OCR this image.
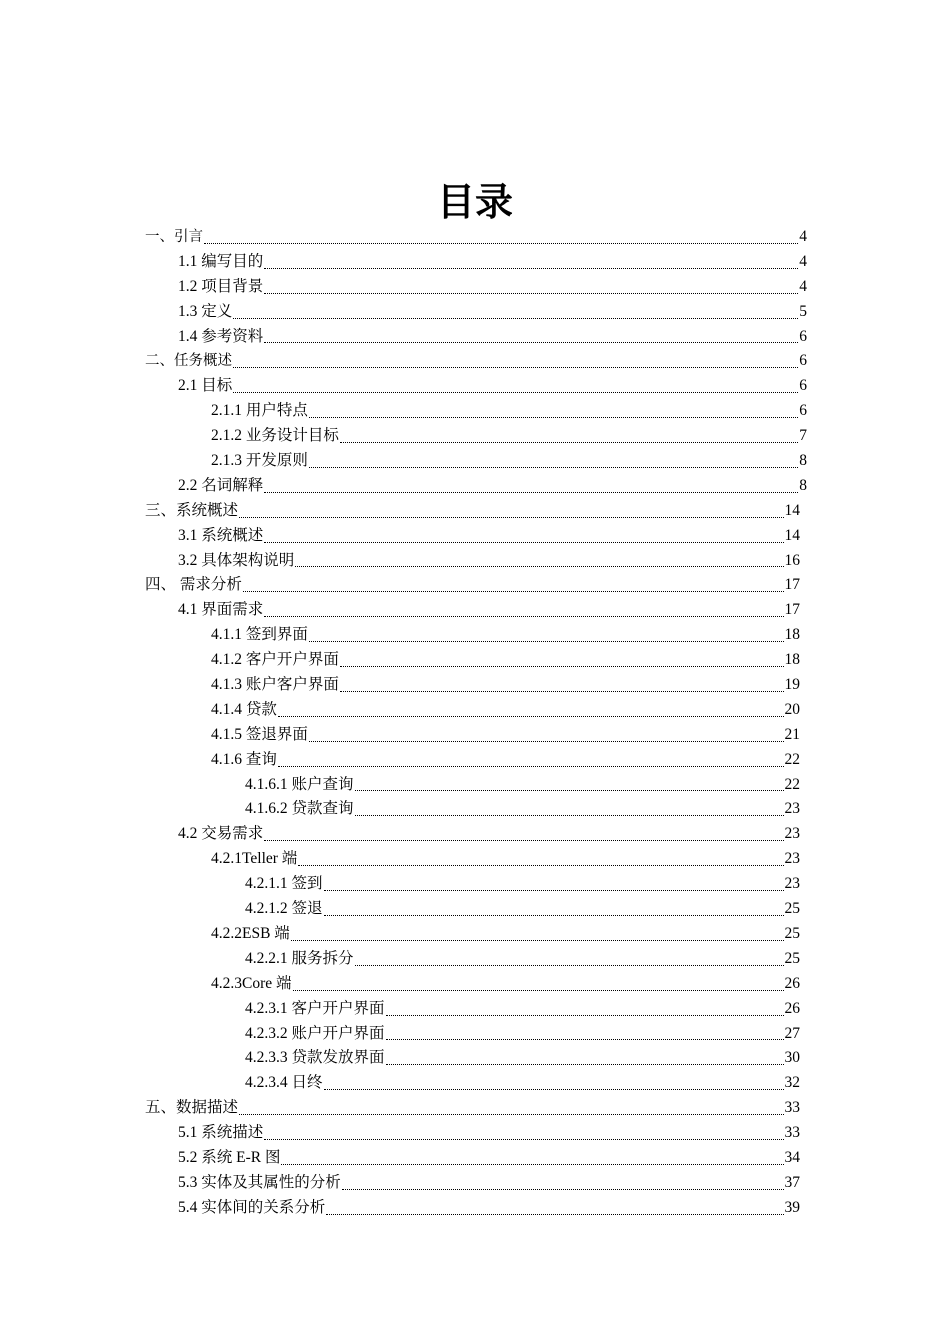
目录
一、引言	4
1.1 编写目的	4
1.2 项目背景	4
1.3 定义	5
1.4 参考资料	6
二、任务概述	6
2.1 目标	6
2.1.1 用户特点	6
2.1.2 业务设计目标	7
2.1.3 开发原则	8
2.2 名词解释	8
三、系统概述	14
3.1 系统概述	14
3.2 具体架构说明	16
四、 需求分析	17
4.1 界面需求	17
4.1.1 签到界面	18
4.1.2 客户开户界面	18
4.1.3 账户客户界面	19
4.1.4 贷款	20
4.1.5 签退界面	21
4.1.6 查询	22
4.1.6.1 账户查询	22
4.1.6.2 贷款查询	23
4.2 交易需求	23
4.2.1Teller 端	23
4.2.1.1 签到	23
4.2.1.2 签退	25
4.2.2ESB 端	25
4.2.2.1 服务拆分	25
4.2.3Core 端	26
4.2.3.1 客户开户界面	26
4.2.3.2 账户开户界面	27
4.2.3.3 贷款发放界面	30
4.2.3.4 日终	32
五、数据描述	33
5.1 系统描述	33
5.2 系统 E-R 图	34
5.3 实体及其属性的分析	37
5.4 实体间的关系分析	39
